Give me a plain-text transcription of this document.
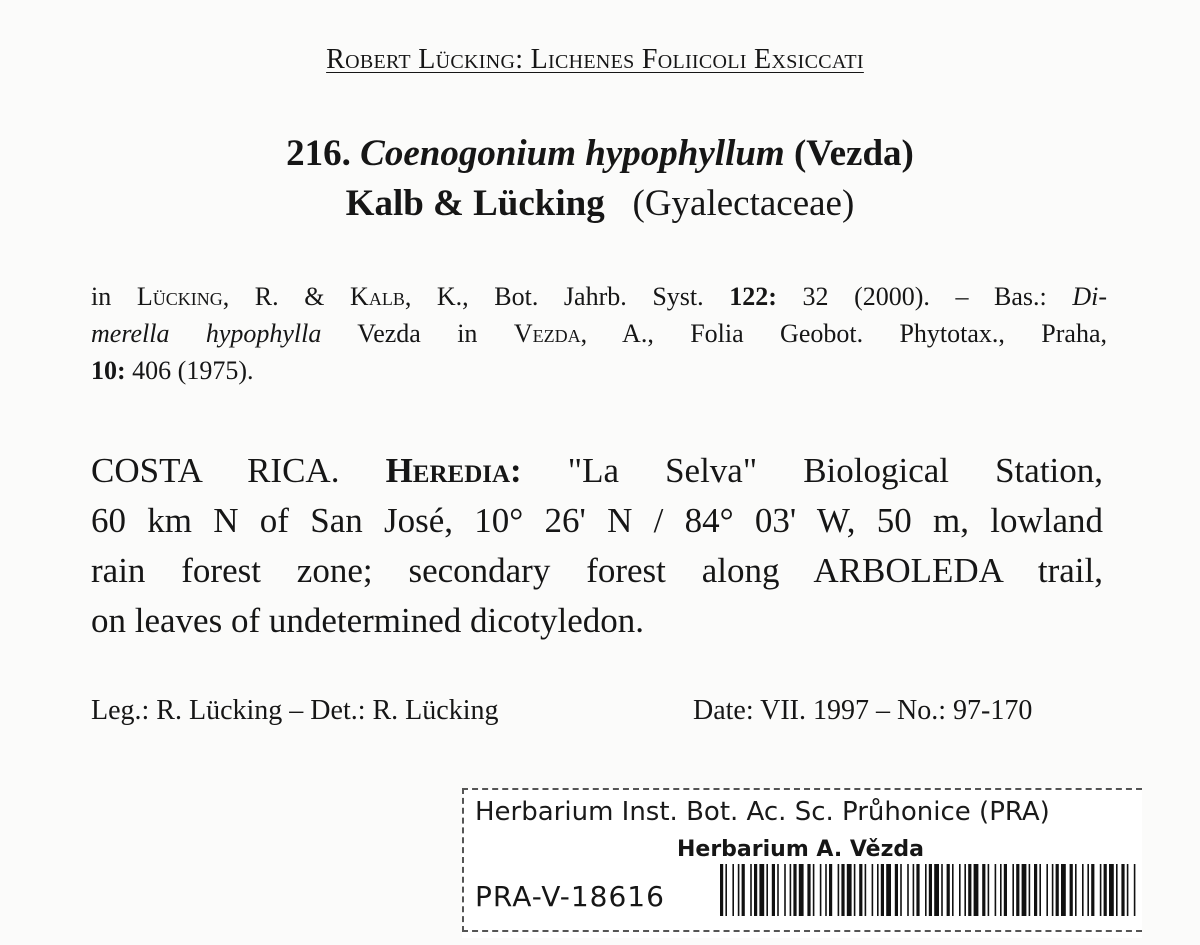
Robert Lücking: Lichenes Foliicoli Exsiccati
216. Coenogonium hypophyllum (Vezda)
Kalb & Lücking (Gyalectaceae)
in Lücking, R. & Kalb, K., Bot. Jahrb. Syst. 122: 32 (2000). – Bas.: Di-
merella hypophylla Vezda in Vezda, A., Folia Geobot. Phytotax., Praha,
10: 406 (1975).
COSTA RICA. Heredia: "La Selva" Biological Station,
60 km N of San José, 10° 26' N / 84° 03' W, 50 m, lowland
rain forest zone; secondary forest along ARBOLEDA trail,
on leaves of undetermined dicotyledon.
Leg.: R. Lücking – Det.: R. Lücking	Date: VII. 1997 – No.: 97-170
Herbarium Inst. Bot. Ac. Sc. Průhonice (PRA)
Herbarium A. Vězda
PRA-V-18616
